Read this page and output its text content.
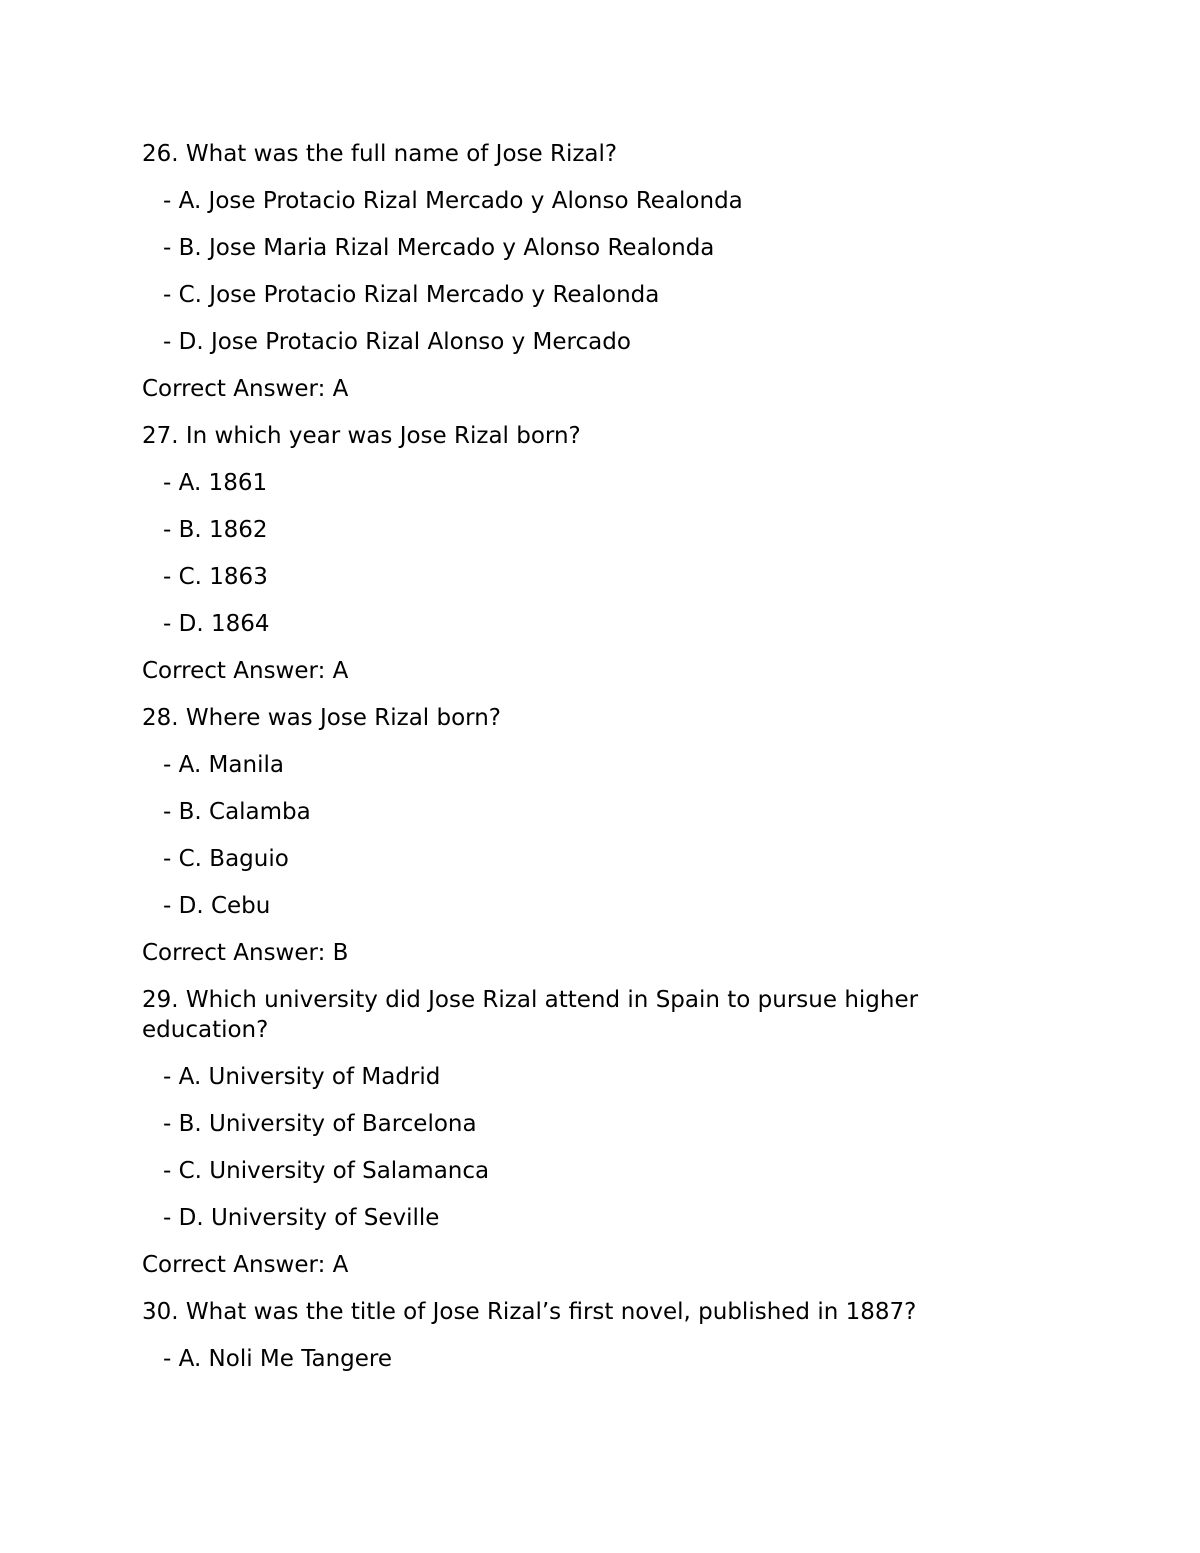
26. What was the full name of Jose Rizal?
- A. Jose Protacio Rizal Mercado y Alonso Realonda
- B. Jose Maria Rizal Mercado y Alonso Realonda
- C. Jose Protacio Rizal Mercado y Realonda
- D. Jose Protacio Rizal Alonso y Mercado
Correct Answer: A
27. In which year was Jose Rizal born?
- A. 1861
- B. 1862
- C. 1863
- D. 1864
Correct Answer: A
28. Where was Jose Rizal born?
- A. Manila
- B. Calamba
- C. Baguio
- D. Cebu
Correct Answer: B
29. Which university did Jose Rizal attend in Spain to pursue higher education?
- A. University of Madrid
- B. University of Barcelona
- C. University of Salamanca
- D. University of Seville
Correct Answer: A
30. What was the title of Jose Rizal’s first novel, published in 1887?
- A. Noli Me Tangere
